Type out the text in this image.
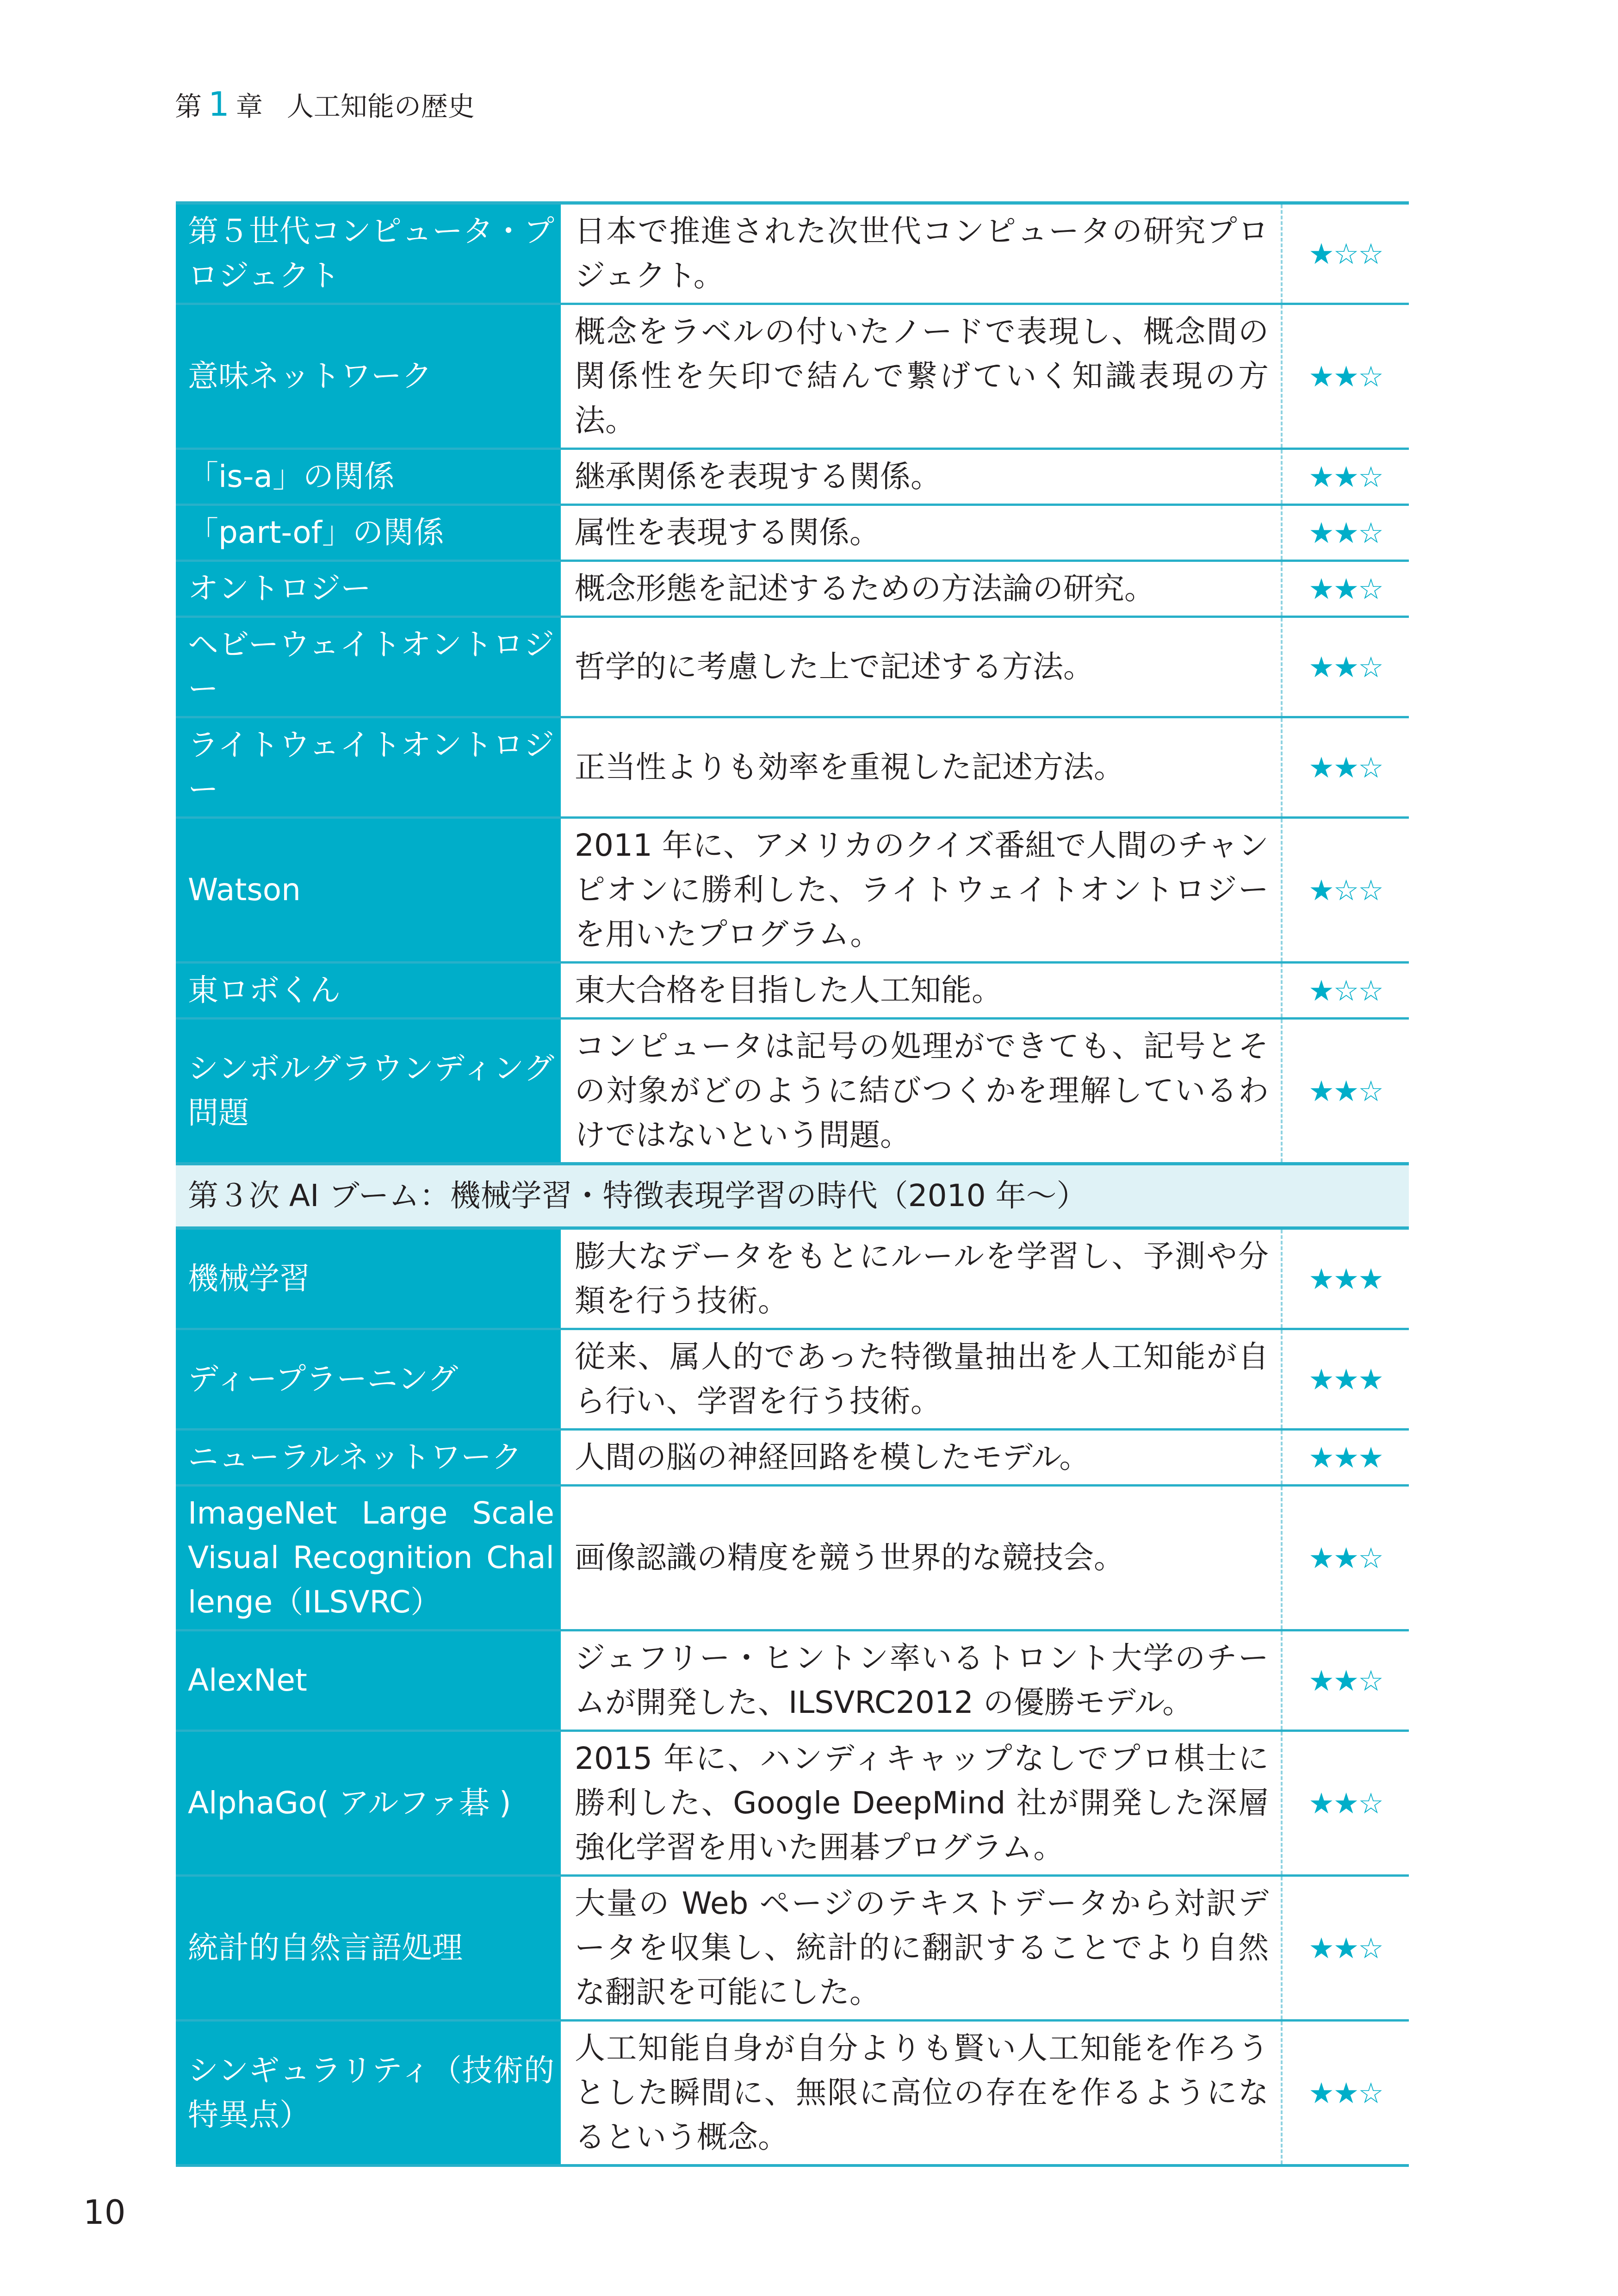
第 1 章 人工知能の歴史
第５世代コンピュータ・プロジェクト	日本で推進された次世代コンピュータの研究プロジェクト。	★☆☆
意味ネットワーク	概念をラベルの付いたノードで表現し、概念間の関係性を矢印で結んで繋げていく知識表現の方法。	★★☆
「is-a」の関係	継承関係を表現する関係。	★★☆
「part-of」の関係	属性を表現する関係。	★★☆
オントロジー	概念形態を記述するための方法論の研究。	★★☆
ヘビーウェイトオントロジー	哲学的に考慮した上で記述する方法。	★★☆
ライトウェイトオントロジー	正当性よりも効率を重視した記述方法。	★★☆
Watson	2011 年に、アメリカのクイズ番組で人間のチャンピオンに勝利した、ライトウェイトオントロジーを用いたプログラム。	★☆☆
東ロボくん	東大合格を目指した人工知能。	★☆☆
シンボルグラウンディング問題	コンピュータは記号の処理ができても、記号とその対象がどのように結びつくかを理解しているわけではないという問題。	★★☆
第３次 AI ブーム：機械学習・特徴表現学習の時代（2010 年～）		
機械学習	膨大なデータをもとにルールを学習し、予測や分類を行う技術。	★★★
ディープラーニング	従来、属人的であった特徴量抽出を人工知能が自ら行い、学習を行う技術。	★★★
ニューラルネットワーク	人間の脳の神経回路を模したモデル。	★★★
ImageNet Large Scale Visual Recognition Challenge（ILSVRC）	画像認識の精度を競う世界的な競技会。	★★☆
AlexNet	ジェフリー・ヒントン率いるトロント大学のチームが開発した、ILSVRC2012 の優勝モデル。	★★☆
AlphaGo( アルファ碁 )	2015 年に、ハンディキャップなしでプロ棋士に勝利した、Google DeepMind 社が開発した深層強化学習を用いた囲碁プログラム。	★★☆
統計的自然言語処理	大量の Web ページのテキストデータから対訳データを収集し、統計的に翻訳することでより自然な翻訳を可能にした。	★★☆
シンギュラリティ（技術的特異点）	人工知能自身が自分よりも賢い人工知能を作ろうとした瞬間に、無限に高位の存在を作るようになるという概念。	★★☆
10
